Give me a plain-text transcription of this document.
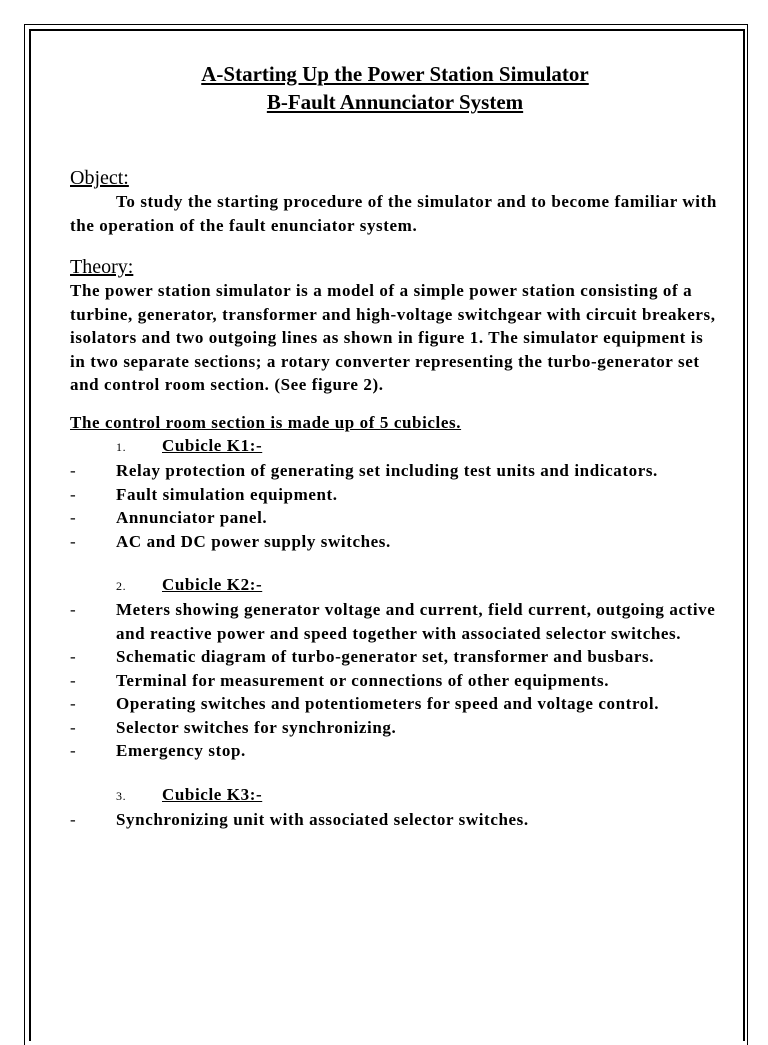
A-Starting Up the Power Station Simulator
B-Fault Annunciator System
Object:

To study the starting procedure of the simulator and to become familiar with the operation of the fault enunciator system.

Theory:

The power station simulator is a model of a simple power station consisting of a turbine, generator, transformer and high-voltage switchgear with circuit breakers, isolators and two outgoing lines as shown in figure 1. The simulator equipment is in two separate sections; a rotary converter representing the turbo-generator set and control room section. (See figure 2).

The control room section is made up of 5 cubicles.

1. Cubicle K1:-
- Relay protection of generating set including test units and indicators.
- Fault simulation equipment.
- Annunciator panel.
- AC and DC power supply switches.
2. Cubicle K2:-
- Meters showing generator voltage and current, field current, outgoing active and reactive power and speed together with associated selector switches.
- Schematic diagram of turbo-generator set, transformer and busbars.
- Terminal for measurement or connections of other equipments.
- Operating switches and potentiometers for speed and voltage control.
- Selector switches for synchronizing.
- Emergency stop.
3. Cubicle K3:-
- Synchronizing unit with associated selector switches.
